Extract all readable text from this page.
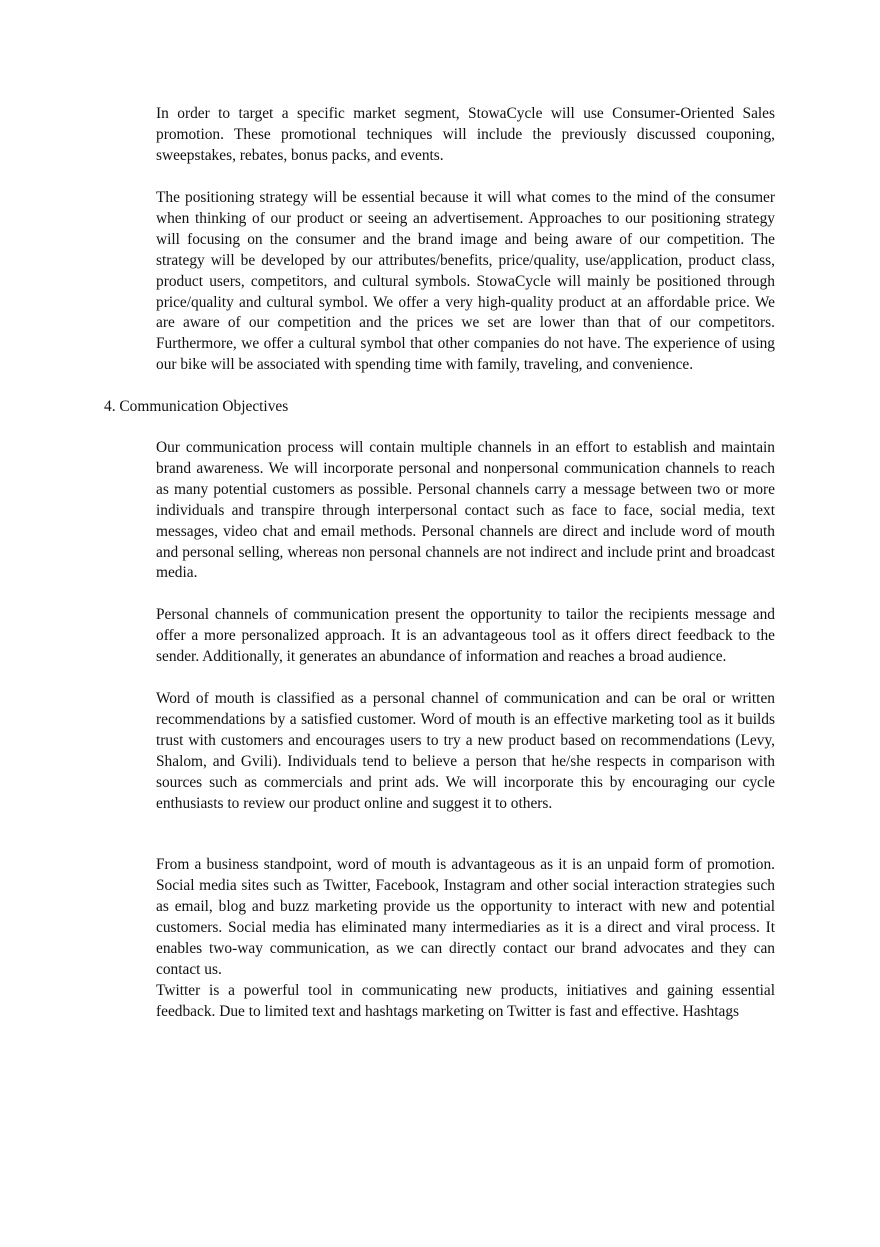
In order to target a specific market segment, StowaCycle will use Consumer-Oriented Sales promotion. These promotional techniques will include the previously discussed couponing, sweepstakes, rebates, bonus packs, and events.

The positioning strategy will be essential because it will what comes to the mind of the consumer when thinking of our product or seeing an advertisement. Approaches to our positioning strategy will focusing on the consumer and the brand image and being aware of our competition. The strategy will be developed by our attributes/benefits, price/quality, use/application, product class, product users, competitors, and cultural symbols. StowaCycle will mainly be positioned through price/quality and cultural symbol. We offer a very high-quality product at an affordable price. We are aware of our competition and the prices we set are lower than that of our competitors. Furthermore, we offer a cultural symbol that other companies do not have. The experience of using our bike will be associated with spending time with family, traveling, and convenience.

4. Communication Objectives

Our communication process will contain multiple channels in an effort to establish and maintain brand awareness. We will incorporate personal and nonpersonal communication channels to reach as many potential customers as possible. Personal channels carry a message between two or more individuals and transpire through interpersonal contact such as face to face, social media, text messages, video chat and email methods. Personal channels are direct and include word of mouth and personal selling, whereas non personal channels are not indirect and include print and broadcast media.

Personal channels of communication present the opportunity to tailor the recipients message and offer a more personalized approach. It is an advantageous tool as it offers direct feedback to the sender. Additionally, it generates an abundance of information and reaches a broad audience.

Word of mouth is classified as a personal channel of communication and can be oral or written recommendations by a satisfied customer. Word of mouth is an effective marketing tool as it builds trust with customers and encourages users to try a new product based on recommendations (Levy, Shalom, and Gvili). Individuals tend to believe a person that he/she respects in comparison with sources such as commercials and print ads. We will incorporate this by encouraging our cycle enthusiasts to review our product online and suggest it to others.

From a business standpoint, word of mouth is advantageous as it is an unpaid form of promotion. Social media sites such as Twitter, Facebook, Instagram and other social interaction strategies such as email, blog and buzz marketing provide us the opportunity to interact with new and potential customers. Social media has eliminated many intermediaries as it is a direct and viral process. It enables two-way communication, as we can directly contact our brand advocates and they can contact us.

Twitter is a powerful tool in communicating new products, initiatives and gaining essential feedback. Due to limited text and hashtags marketing on Twitter is fast and effective. Hashtags
